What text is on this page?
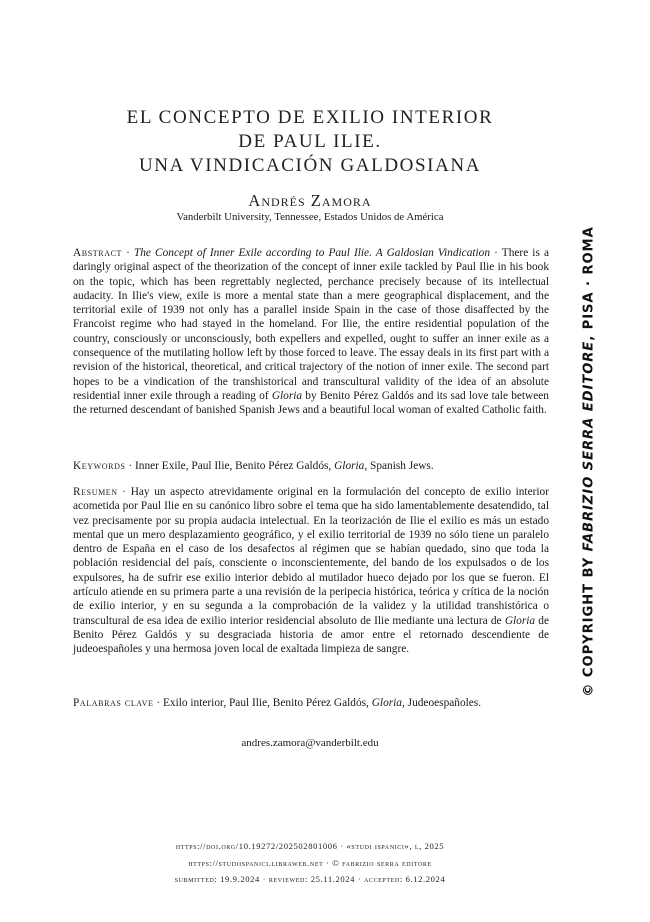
EL CONCEPTO DE EXILIO INTERIOR
DE PAUL ILIE.
UNA VINDICACIÓN GALDOSIANA
Andrés Zamora
Vanderbilt University, Tennessee, Estados Unidos de América
Abstract · The Concept of Inner Exile according to Paul Ilie. A Galdosian Vindication · There is a daringly original aspect of the theorization of the concept of inner exile tackled by Paul Ilie in his book on the topic, which has been regrettably neglected, perchance precisely because of its intellectual audacity. In Ilie's view, exile is more a mental state than a mere geographical displacement, and the territorial exile of 1939 not only has a parallel inside Spain in the case of those disaffected by the Francoist regime who had stayed in the homeland. For Ilie, the entire residential population of the country, consciously or unconsciously, both expellers and expelled, ought to suffer an inner exile as a consequence of the mutilating hollow left by those forced to leave. The essay deals in its first part with a revision of the historical, theoretical, and critical trajectory of the notion of inner exile. The second part hopes to be a vindication of the transhistorical and transcultural validity of the idea of an absolute residential inner exile through a reading of Gloria by Benito Pérez Galdós and its sad love tale between the returned descendant of banished Spanish Jews and a beautiful local woman of exalted Catholic faith.
Keywords · Inner Exile, Paul Ilie, Benito Pérez Galdós, Gloria, Spanish Jews.
Resumen · Hay un aspecto atrevidamente original en la formulación del concepto de exilio interior acometida por Paul Ilie en su canónico libro sobre el tema que ha sido lamentablemente desatendido, tal vez precisamente por su propia audacia intelectual. En la teorización de Ilie el exilio es más un estado mental que un mero desplazamiento geográfico, y el exilio territorial de 1939 no sólo tiene un paralelo dentro de España en el caso de los desafectos al régimen que se habían quedado, sino que toda la población residencial del país, consciente o inconscientemente, del bando de los expulsados o de los expulsores, ha de sufrir ese exilio interior debido al mutilador hueco dejado por los que se fueron. El artículo atiende en su primera parte a una revisión de la peripecia histórica, teórica y crítica de la noción de exilio interior, y en su segunda a la comprobación de la validez y la utilidad transhistórica o transcultural de esa idea de exilio interior residencial absoluto de Ilie mediante una lectura de Gloria de Benito Pérez Galdós y su desgraciada historia de amor entre el retornado descendiente de judeoespañoles y una hermosa joven local de exaltada limpieza de sangre.
Palabras clave · Exilo interior, Paul Ilie, Benito Pérez Galdós, Gloria, Judeoespañoles.
andres.zamora@vanderbilt.edu
https://doi.org/10.19272/202502801006 · «studi ispanici», l, 2025
https://studiispanici.libraweb.net · © fabrizio serra editore
submitted: 19.9.2024 · reviewed: 25.11.2024 · accepted: 6.12.2024
© COPYRIGHT BY FABRIZIO SERRA EDITORE, PISA · ROMA
